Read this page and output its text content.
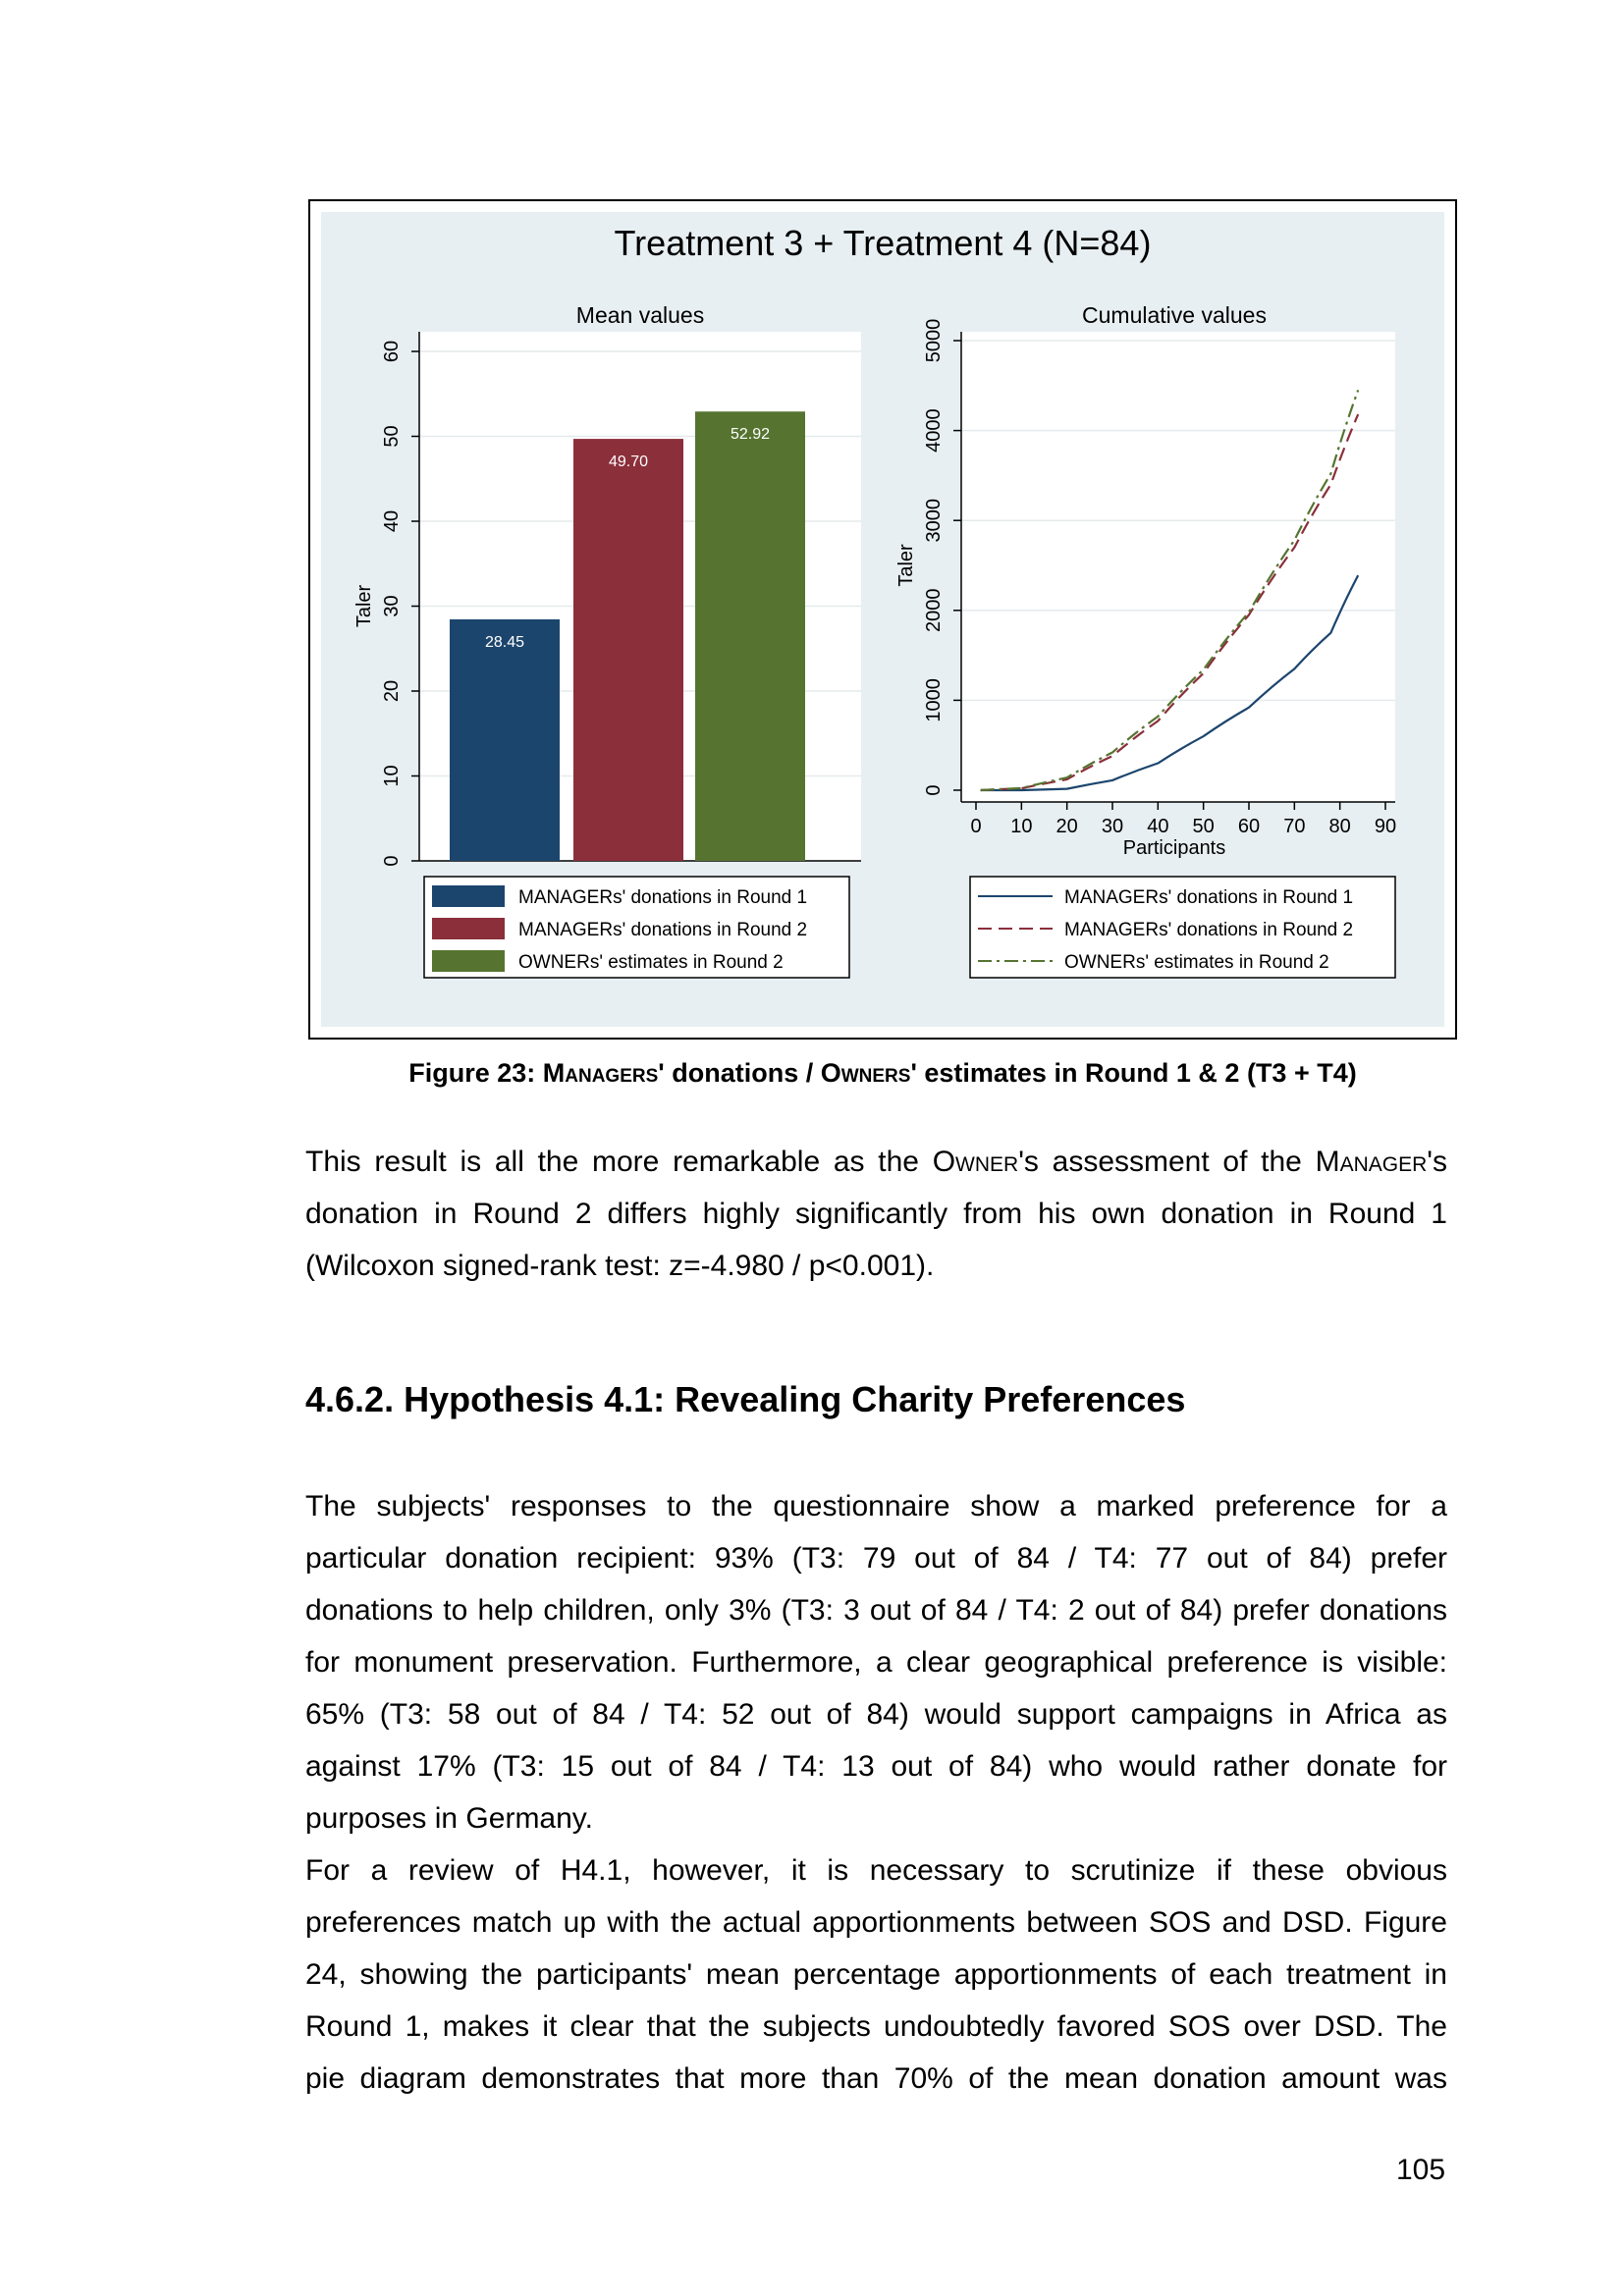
Treatment 3 + Treatment 4 (N=84)
Mean values
0
10
20
30
40
50
60
Taler
28.45
49.70
52.92
MANAGERs' donations in Round 1
MANAGERs' donations in Round 2
OWNERs' estimates in Round 2
Cumulative values
0
1000
2000
3000
4000
5000
0 10 20 30 40 50 60 70 80 90
Participants
Taler
MANAGERs' donations in Round 1
MANAGERs' donations in Round 2
OWNERs' estimates in Round 2
Figure 23: Managers' donations / Owners' estimates in Round 1 & 2 (T3 + T4)
This result is all the more remarkable as the Owner's assessment of the Manager's
donation in Round 2 differs highly significantly from his own donation in Round 1
(Wilcoxon signed-rank test: z=-4.980 / p<0.001).
4.6.2. Hypothesis 4.1: Revealing Charity Preferences
The subjects' responses to the questionnaire show a marked preference for a
particular donation recipient: 93% (T3: 79 out of 84 / T4: 77 out of 84) prefer
donations to help children, only 3% (T3: 3 out of 84 / T4: 2 out of 84) prefer donations
for monument preservation. Furthermore, a clear geographical preference is visible:
65% (T3: 58 out of 84 / T4: 52 out of 84) would support campaigns in Africa as
against 17% (T3: 15 out of 84 / T4: 13 out of 84) who would rather donate for
purposes in Germany.
For a review of H4.1, however, it is necessary to scrutinize if these obvious
preferences match up with the actual apportionments between SOS and DSD. Figure
24, showing the participants' mean percentage apportionments of each treatment in
Round 1, makes it clear that the subjects undoubtedly favored SOS over DSD. The
pie diagram demonstrates that more than 70% of the mean donation amount was
105
